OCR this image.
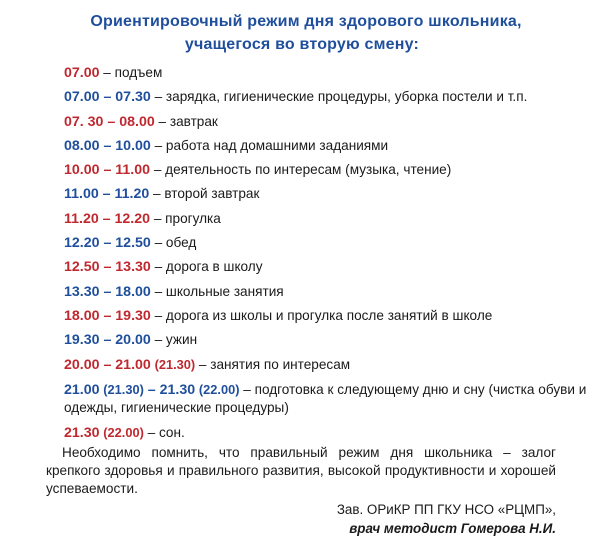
Ориентировочный режим дня здорового школьника,
учащегося во вторую смену:
07.00 – подъем
07.00 – 07.30 – зарядка, гигиенические процедуры, уборка постели и т.п.
07. 30 – 08.00 – завтрак
08.00 – 10.00 – работа над домашними заданиями
10.00 – 11.00 – деятельность по интересам (музыка, чтение)
11.00 – 11.20 – второй завтрак
11.20 – 12.20 – прогулка
12.20 – 12.50 – обед
12.50 – 13.30 – дорога в школу
13.30 – 18.00 – школьные занятия
18.00 – 19.30 – дорога из школы и прогулка после занятий в школе
19.30 – 20.00 – ужин
20.00 – 21.00 (21.30) – занятия по интересам
21.00 (21.30) – 21.30 (22.00) – подготовка к следующему дню и сну (чистка обуви и одежды, гигиенические процедуры)
21.30 (22.00) – сон.
Необходимо помнить, что правильный режим дня школьника – залог крепкого здоровья и правильного развития, высокой продуктивности и хорошей успеваемости.
Зав. ОРиКР ПП ГКУ НСО «РЦМП»,
врач методист Гомерова Н.И.
